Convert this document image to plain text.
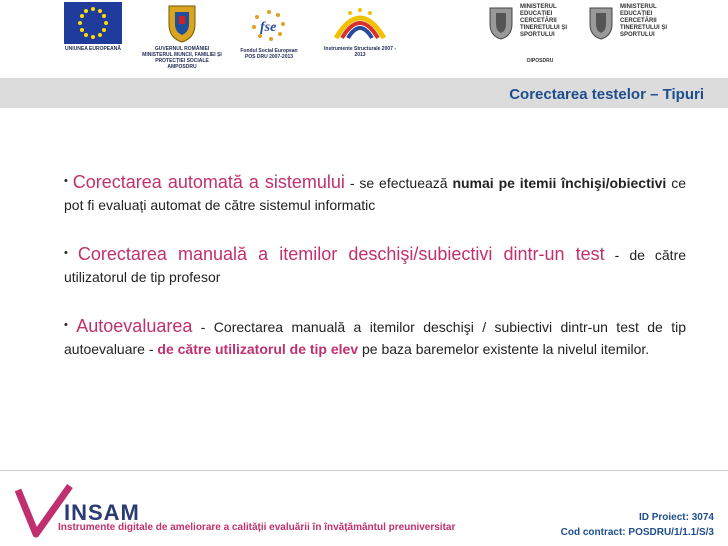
UNIUNEA EUROPEANĂ	GUVERNUL ROMÂNIEI MINISTERUL MUNCII, FAMILIEI ȘI PROTECȚIEI SOCIALE AMPOSDRU
fse
Fondul Social European POS DRU 2007-2013
Instrumente Structurale 2007 - 2013
MINISTERUL EDUCAȚIEI CERCETĂRII TINERETULUI ȘI SPORTULUI
OIPOSDRU
MINISTERUL EDUCAȚIEI CERCETĂRII TINERETULUI ȘI SPORTULUI
Corectarea testelor – Tipuri

• Corectarea automată a sistemului - se efectuează numai pe itemii închişi/obiectivi ce pot fi evaluați automat de către sistemul informatic

• Corectarea manuală a itemilor deschişi/subiectivi dintr-un test - de către utilizatorul de tip profesor

• Autoevaluarea - Corectarea manuală a itemilor deschişi / subiectivi dintr-un test de tip autoevaluare - de către utilizatorul de tip elev pe baza baremelor existente la nivelul itemilor.

INSAM
Instrumente digitale de ameliorare a calității evaluării în învățământul preuniversitar
ID Proiect: 3074
Cod contract: POSDRU/1/1.1/S/3
